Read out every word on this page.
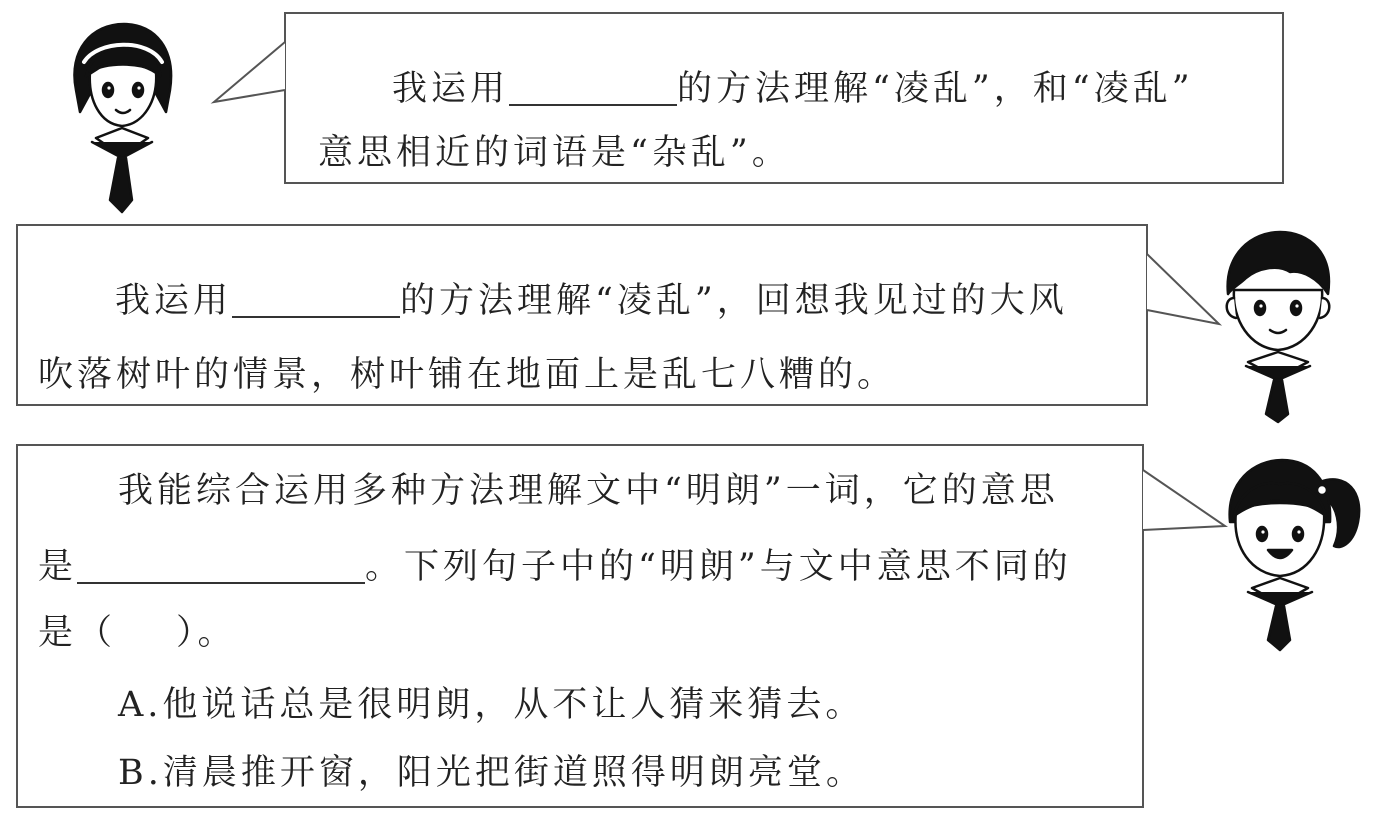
我运用	的方法理解“凌乱”，和“凌乱”
意思相近的词语是“杂乱”。
我运用	的方法理解“凌乱”，回想我见过的大风
吹落树叶的情景，树叶铺在地面上是乱七八糟的。
我能综合运用多种方法理解文中“明朗”一词，它的意思
是	。下列句子中的“明朗”与文中意思不同的
是（ ）。
A.他说话总是很明朗，从不让人猜来猜去。
B.清晨推开窗，阳光把街道照得明朗亮堂。
